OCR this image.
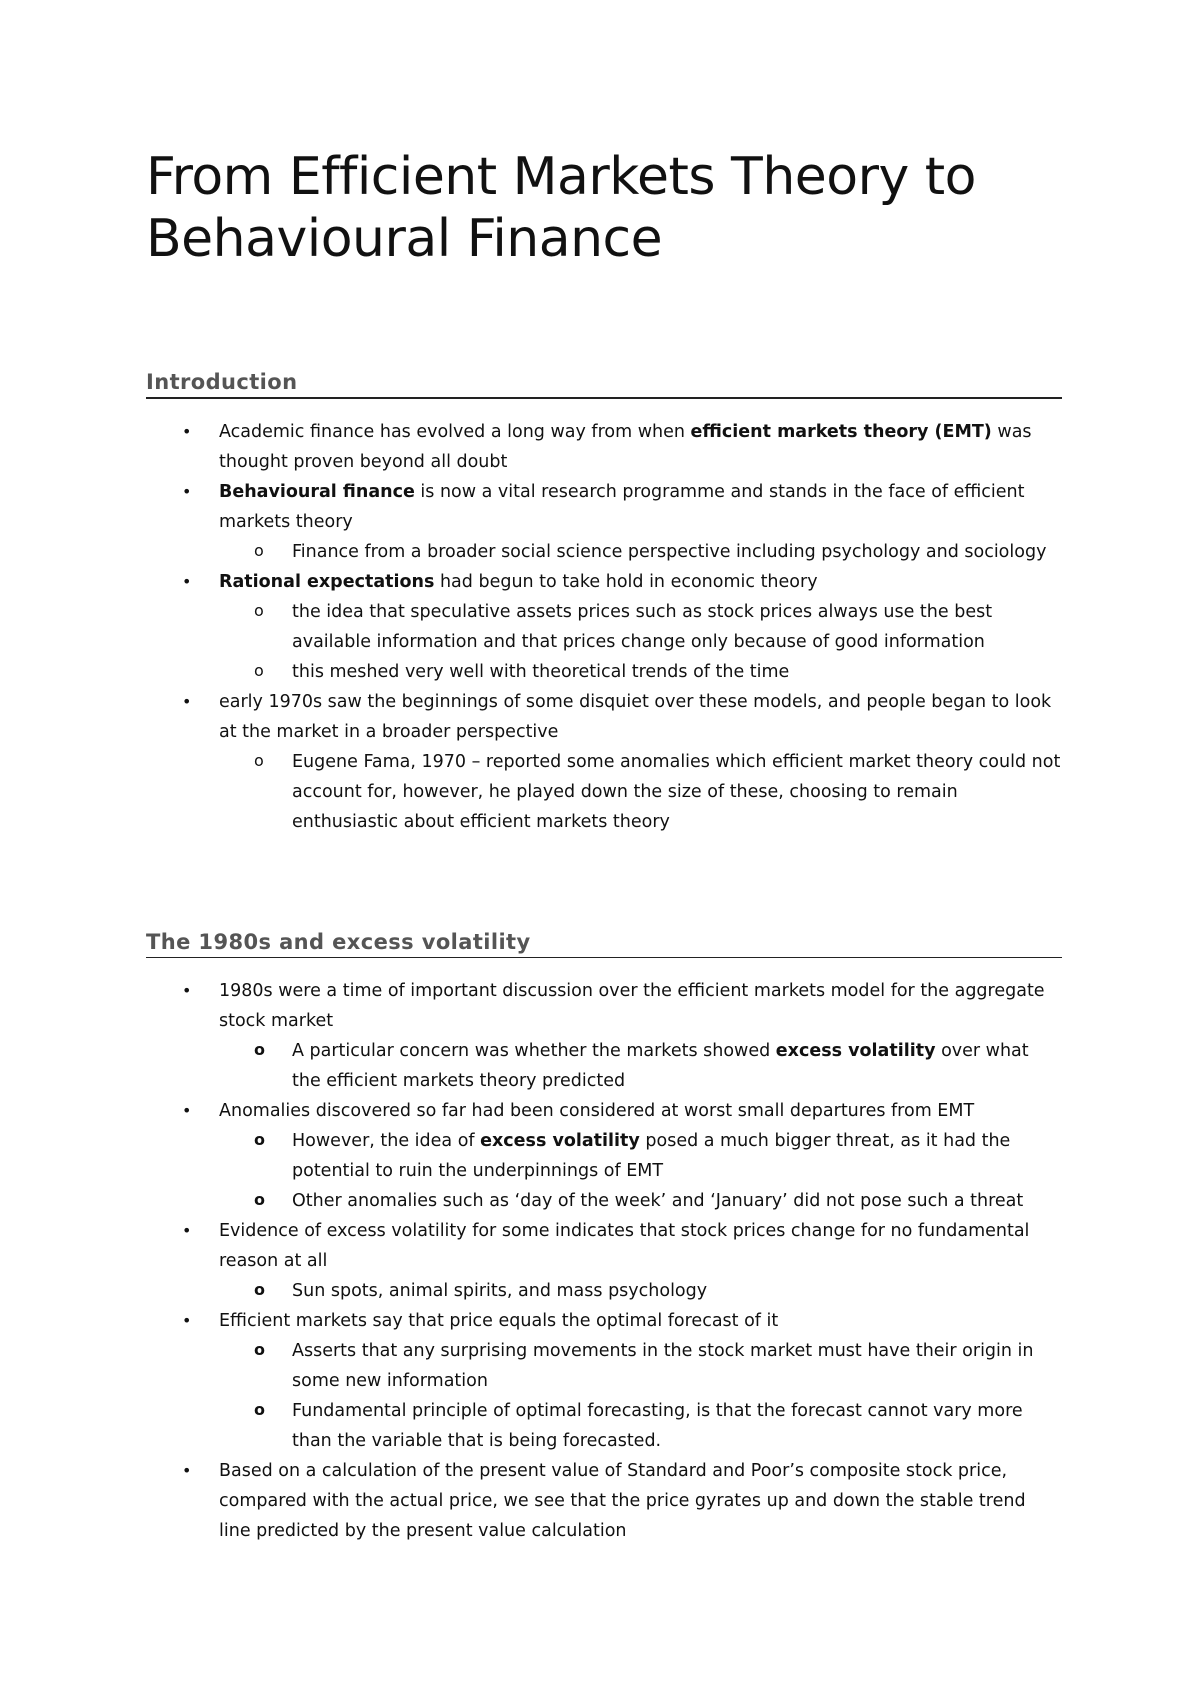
From Efficient Markets Theory to
Behavioural Finance
Introduction
• Academic finance has evolved a long way from when efficient markets theory (EMT) was thought proven beyond all doubt
• Behavioural finance is now a vital research programme and stands in the face of efficient markets theory
o Finance from a broader social science perspective including psychology and sociology
• Rational expectations had begun to take hold in economic theory
o the idea that speculative assets prices such as stock prices always use the best available information and that prices change only because of good information
o this meshed very well with theoretical trends of the time
• early 1970s saw the beginnings of some disquiet over these models, and people began to look at the market in a broader perspective
o Eugene Fama, 1970 – reported some anomalies which efficient market theory could not account for, however, he played down the size of these, choosing to remain enthusiastic about efficient markets theory
The 1980s and excess volatility
• 1980s were a time of important discussion over the efficient markets model for the aggregate stock market
o A particular concern was whether the markets showed excess volatility over what the efficient markets theory predicted
• Anomalies discovered so far had been considered at worst small departures from EMT
o However, the idea of excess volatility posed a much bigger threat, as it had the potential to ruin the underpinnings of EMT
o Other anomalies such as ‘day of the week’ and ‘January’ did not pose such a threat
• Evidence of excess volatility for some indicates that stock prices change for no fundamental reason at all
o Sun spots, animal spirits, and mass psychology
• Efficient markets say that price equals the optimal forecast of it
o Asserts that any surprising movements in the stock market must have their origin in some new information
o Fundamental principle of optimal forecasting, is that the forecast cannot vary more than the variable that is being forecasted.
• Based on a calculation of the present value of Standard and Poor’s composite stock price, compared with the actual price, we see that the price gyrates up and down the stable trend line predicted by the present value calculation
